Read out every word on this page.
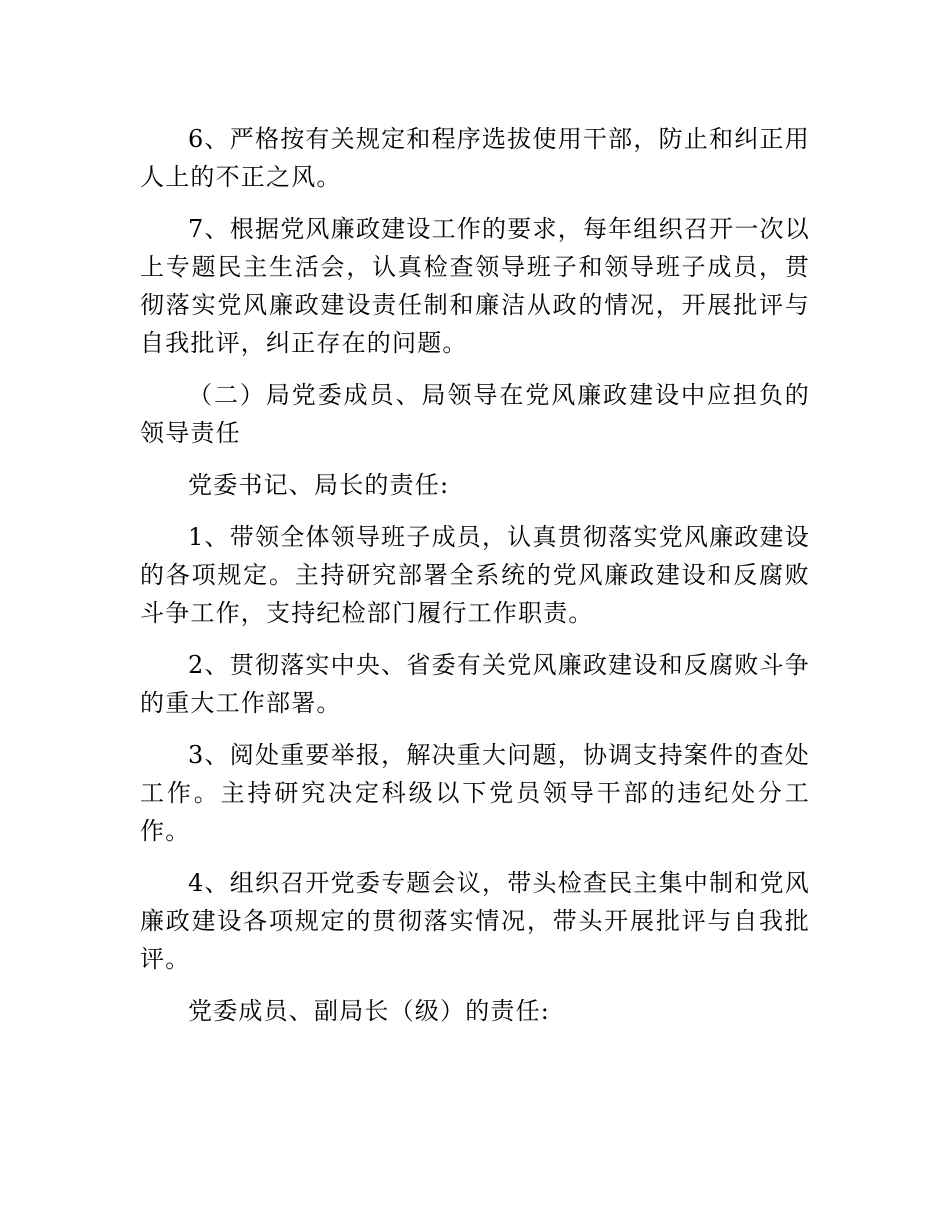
6、严格按有关规定和程序选拔使用干部，防止和纠正用人上的不正之风。

7、根据党风廉政建设工作的要求，每年组织召开一次以上专题民主生活会，认真检查领导班子和领导班子成员，贯彻落实党风廉政建设责任制和廉洁从政的情况，开展批评与自我批评，纠正存在的问题。

（二）局党委成员、局领导在党风廉政建设中应担负的领导责任

党委书记、局长的责任:

1、带领全体领导班子成员，认真贯彻落实党风廉政建设的各项规定。主持研究部署全系统的党风廉政建设和反腐败斗争工作，支持纪检部门履行工作职责。

2、贯彻落实中央、省委有关党风廉政建设和反腐败斗争的重大工作部署。

3、阅处重要举报，解决重大问题，协调支持案件的查处工作。主持研究决定科级以下党员领导干部的违纪处分工作。

4、组织召开党委专题会议，带头检查民主集中制和党风廉政建设各项规定的贯彻落实情况，带头开展批评与自我批评。

党委成员、副局长（级）的责任:
